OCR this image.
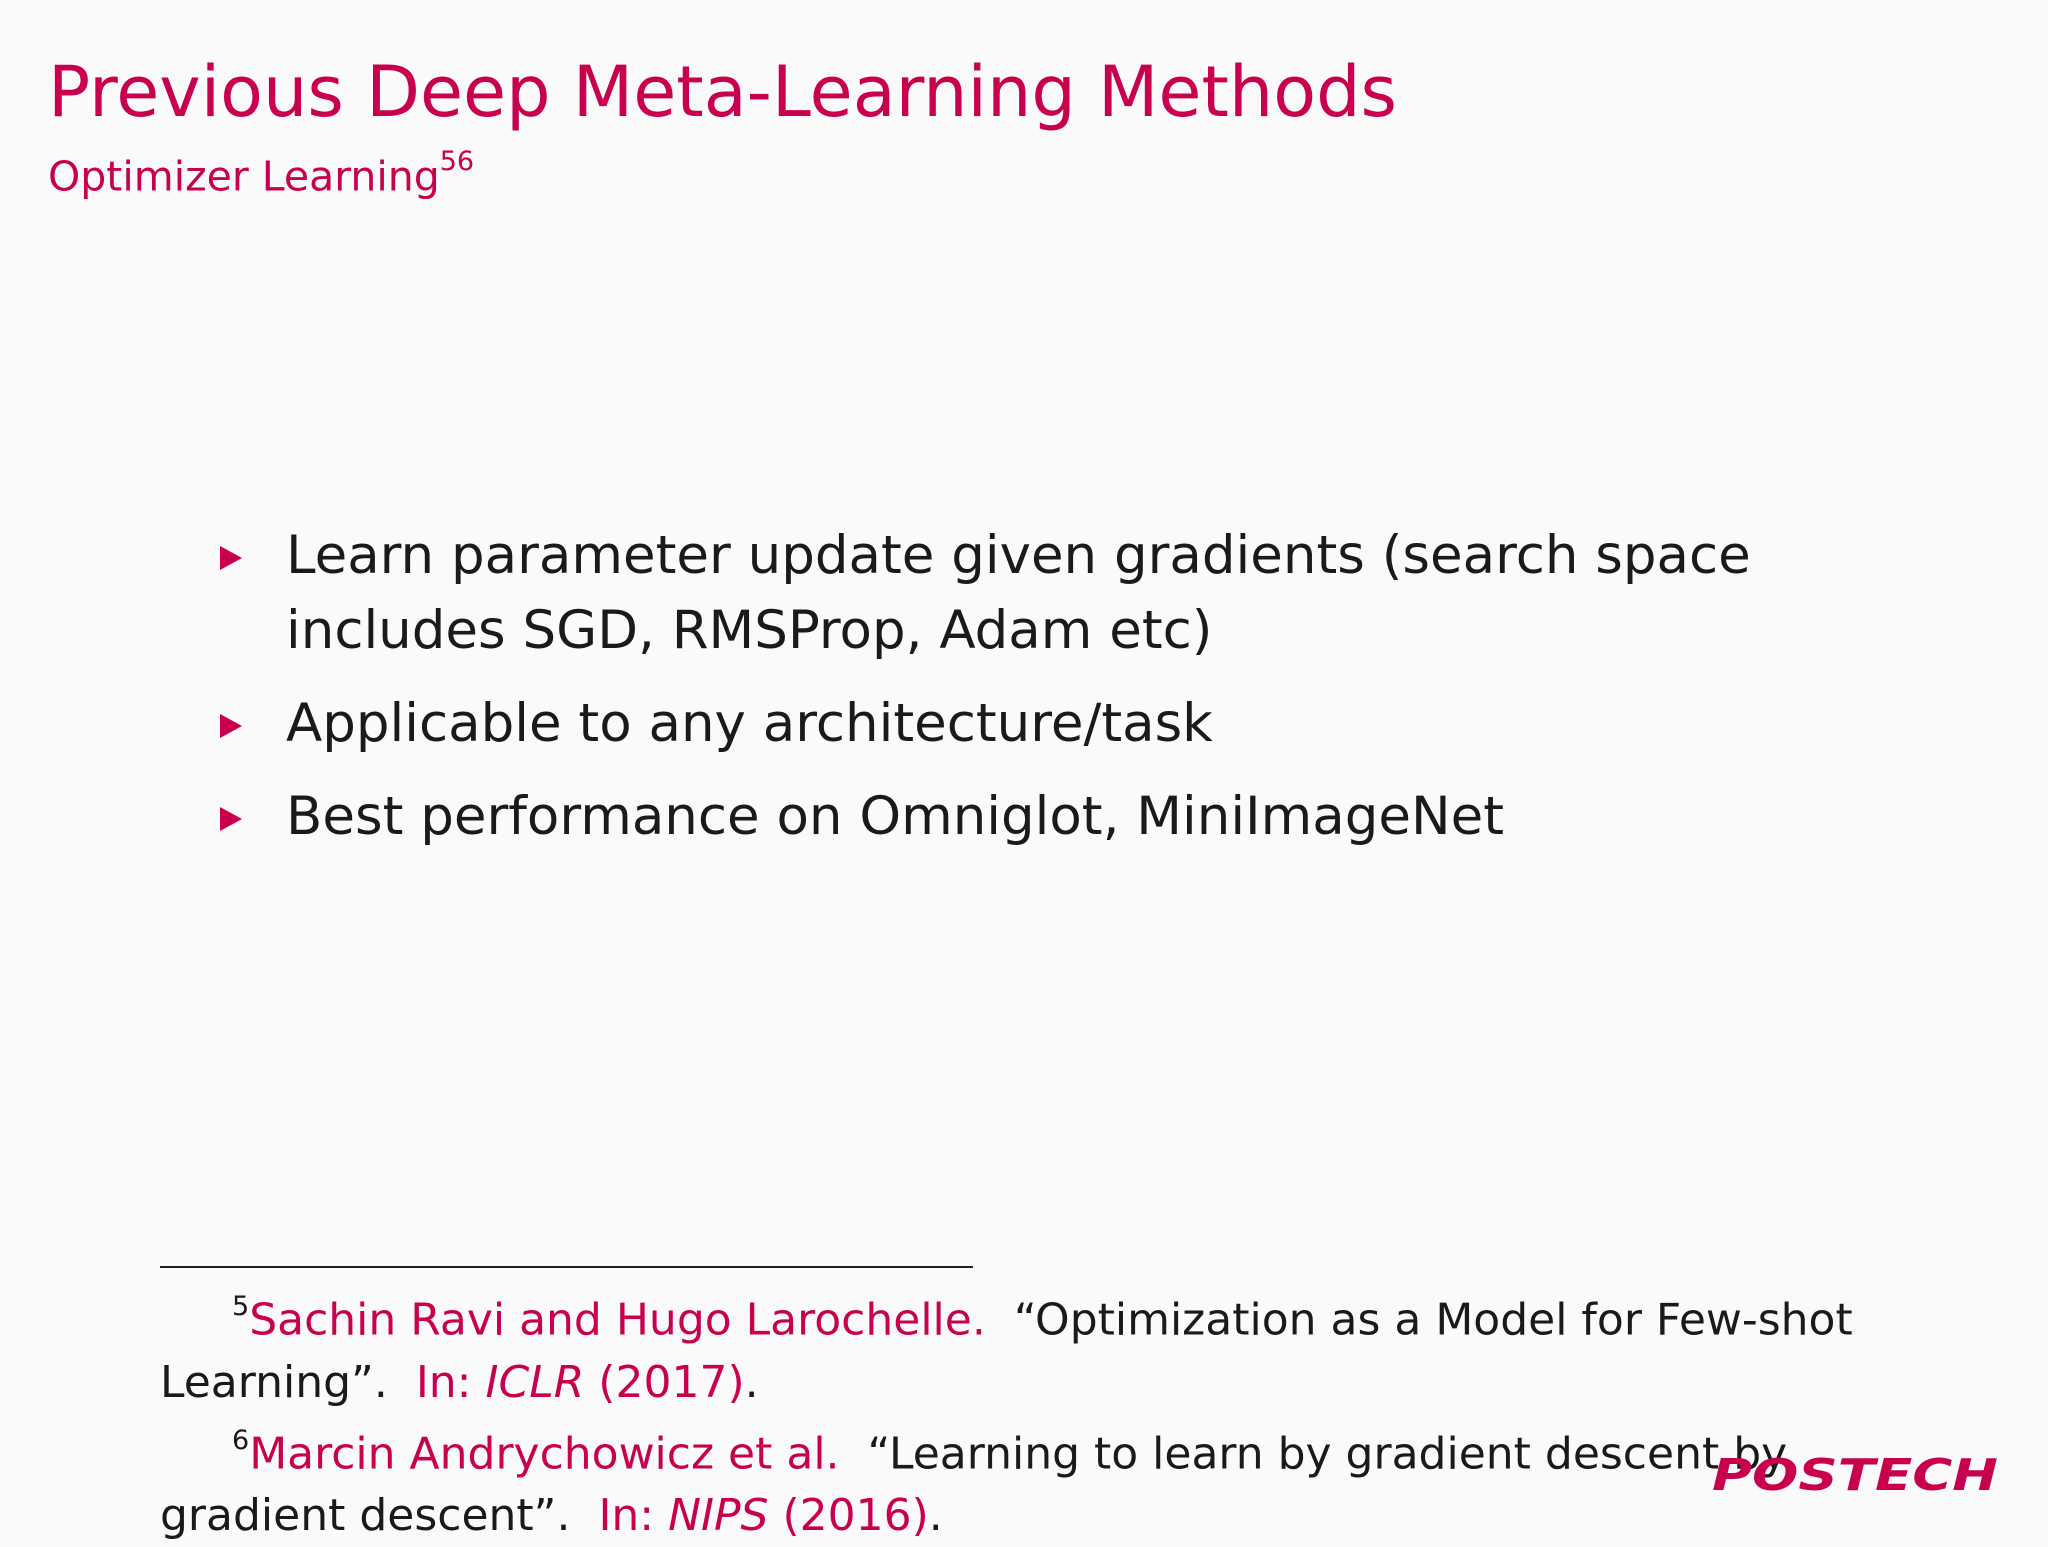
Previous Deep Meta-Learning Methods
Optimizer Learning$^{56}$
Learn parameter update given gradients (search space includes SGD, RMSProp, Adam etc)
Applicable to any architecture/task
Best performance on Omniglot, MiniImageNet

$^5$Sachin Ravi and Hugo Larochelle. “Optimization as a Model for Few-shot Learning”. In: ICLR (2017).

$^6$Marcin Andrychowicz et al. “Learning to learn by gradient descent by gradient descent”. In: NIPS (2016).

POSTECH
